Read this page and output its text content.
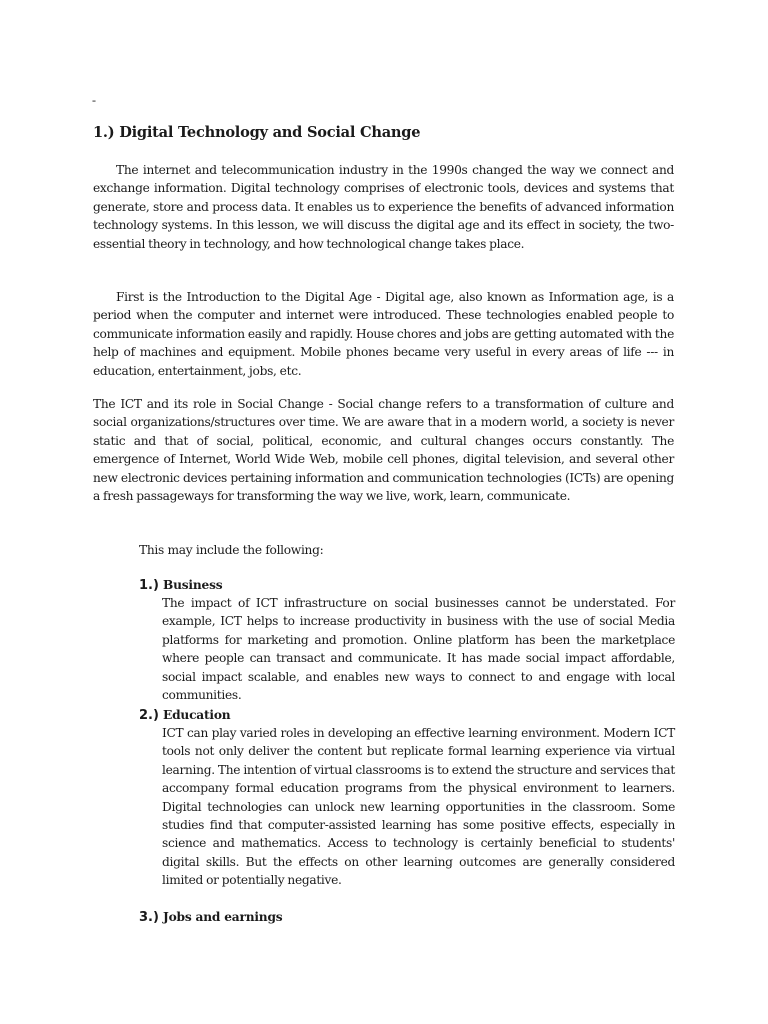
-
1.) Digital Technology and Social Change

The internet and telecommunication industry in the 1990s changed the way we connect and exchange information. Digital technology comprises of electronic tools, devices and systems that generate, store and process data. It enables us to experience the benefits of advanced information technology systems. In this lesson, we will discuss the digital age and its effect in society, the two-essential theory in technology, and how technological change takes place.

First is the Introduction to the Digital Age - Digital age, also known as Information age, is a period when the computer and internet were introduced. These technologies enabled people to communicate information easily and rapidly. House chores and jobs are getting automated with the help of machines and equipment. Mobile phones became very useful in every areas of life --- in education, entertainment, jobs, etc.

The ICT and its role in Social Change - Social change refers to a transformation of culture and social organizations/structures over time. We are aware that in a modern world, a society is never static and that of social, political, economic, and cultural changes occurs constantly. The emergence of Internet, World Wide Web, mobile cell phones, digital television, and several other new electronic devices pertaining information and communication technologies (ICTs) are opening a fresh passageways for transforming the way we live, work, learn, communicate.

This may include the following:

1.) Business
The impact of ICT infrastructure on social businesses cannot be understated. For example, ICT helps to increase productivity in business with the use of social Media platforms for marketing and promotion. Online platform has been the marketplace where people can transact and communicate. It has made social impact affordable, social impact scalable, and enables new ways to connect to and engage with local communities.
2.) Education
ICT can play varied roles in developing an effective learning environment. Modern ICT tools not only deliver the content but replicate formal learning experience via virtual learning. The intention of virtual classrooms is to extend the structure and services that accompany formal education programs from the physical environment to learners. Digital technologies can unlock new learning opportunities in the classroom. Some studies find that computer-assisted learning has some positive effects, especially in science and mathematics. Access to technology is certainly beneficial to students' digital skills. But the effects on other learning outcomes are generally considered limited or potentially negative.
3.) Jobs and earnings
